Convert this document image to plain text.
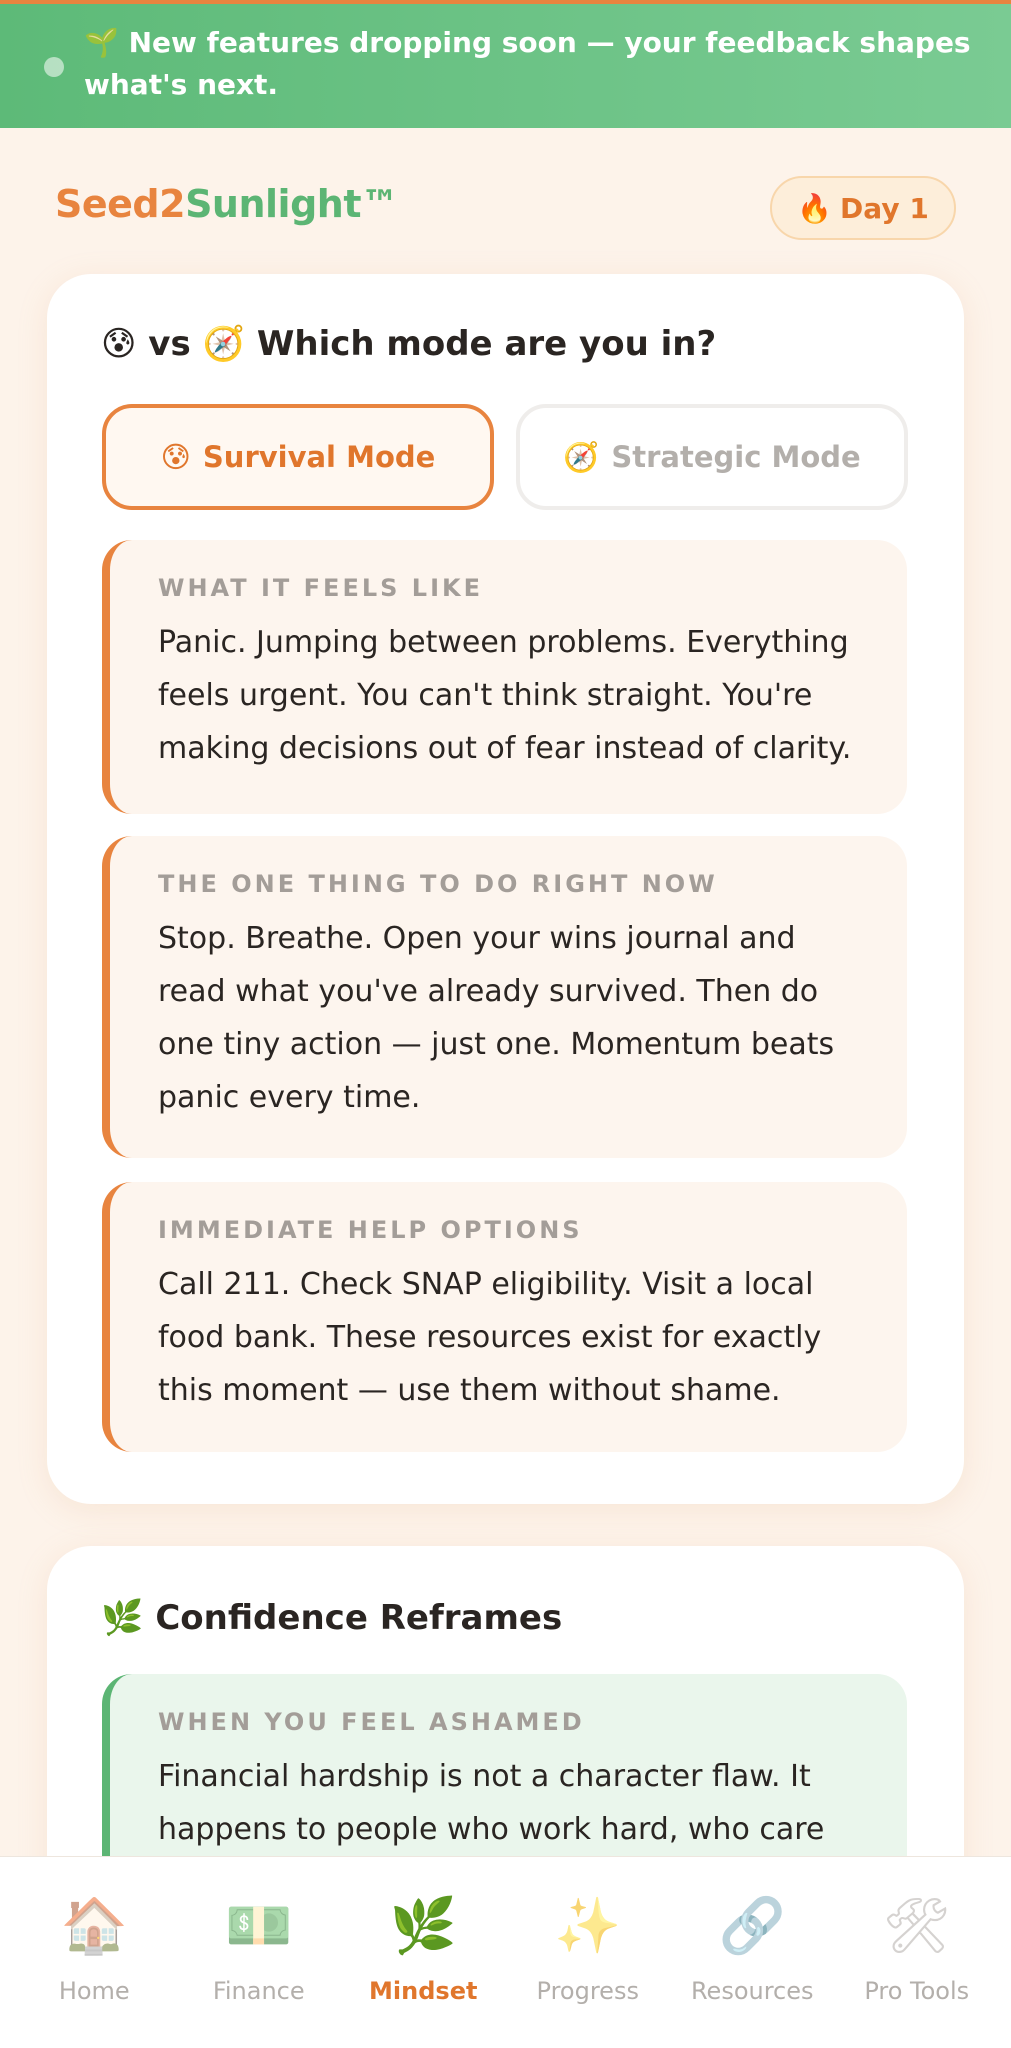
🌱 New features dropping soon — your feedback shapes what's next.
Seed2Sunlight™	🔥 Day 1
😰 vs 🧭 Which mode are you in?
😰 Survival Mode	🧭 Strategic Mode
WHAT IT FEELS LIKE
Panic. Jumping between problems. Everything feels urgent. You can't think straight. You're making decisions out of fear instead of clarity.
THE ONE THING TO DO RIGHT NOW
Stop. Breathe. Open your wins journal and read what you've already survived. Then do one tiny action — just one. Momentum beats panic every time.
IMMEDIATE HELP OPTIONS
Call 211. Check SNAP eligibility. Visit a local food bank. These resources exist for exactly this moment — use them without shame.
🌿 Confidence Reframes
WHEN YOU FEEL ASHAMED
Financial hardship is not a character flaw. It happens to people who work hard, who care
🏠
Home
💵
Finance
🌿
Mindset
✨
Progress
🔗
Resources
🛠
Pro Tools
